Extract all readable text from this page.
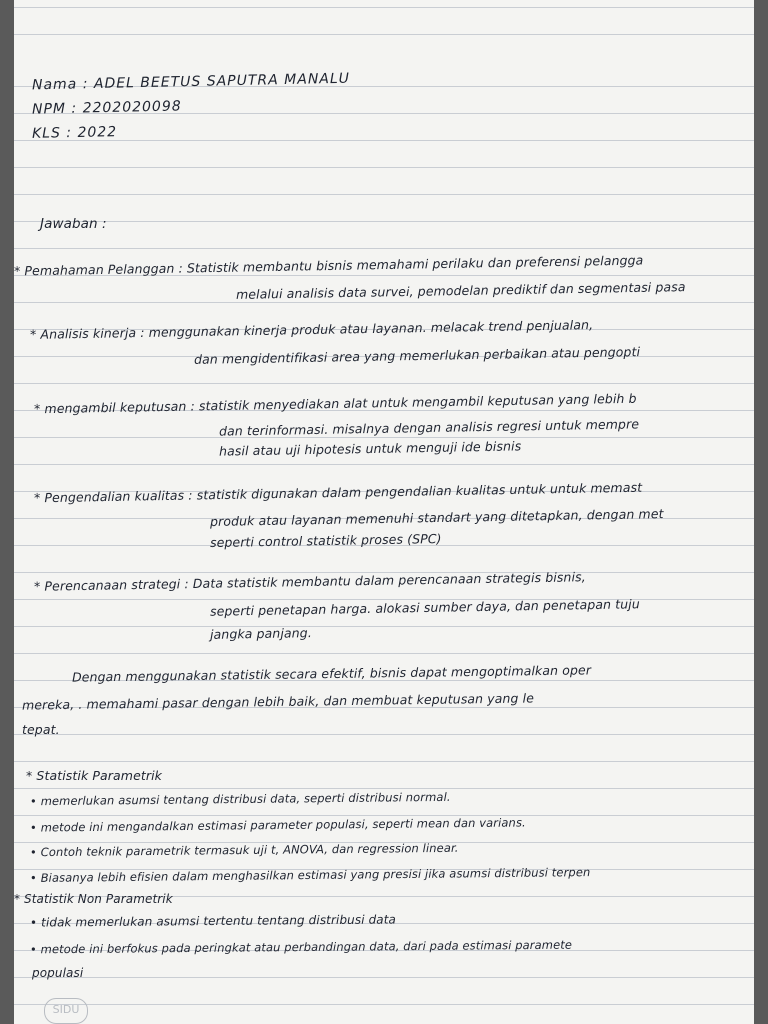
Nama : ADEL BEETUS SAPUTRA MANALU
NPM : 2202020098
KLS : 2022
Jawaban :
* Pemahaman Pelanggan : Statistik membantu bisnis memahami perilaku dan preferensi pelangga
melalui analisis data survei, pemodelan prediktif dan segmentasi pasa
* Analisis kinerja : menggunakan kinerja produk atau layanan. melacak trend penjualan,
dan mengidentifikasi area yang memerlukan perbaikan atau pengopti
* mengambil keputusan : statistik menyediakan alat untuk mengambil keputusan yang lebih b
dan terinformasi. misalnya dengan analisis regresi untuk mempre
hasil atau uji hipotesis untuk menguji ide bisnis
* Pengendalian kualitas : statistik digunakan dalam pengendalian kualitas untuk untuk memast
produk atau layanan memenuhi standart yang ditetapkan, dengan met
seperti control statistik proses (SPC)
* Perencanaan strategi : Data statistik membantu dalam perencanaan strategis bisnis,
seperti penetapan harga. alokasi sumber daya, dan penetapan tuju
jangka panjang.
Dengan menggunakan statistik secara efektif, bisnis dapat mengoptimalkan oper
mereka, . memahami pasar dengan lebih baik, dan membuat keputusan yang le
tepat.
* Statistik Parametrik
• memerlukan asumsi tentang distribusi data, seperti distribusi normal.
• metode ini mengandalkan estimasi parameter populasi, seperti mean dan varians.
• Contoh teknik parametrik termasuk uji t, ANOVA, dan regression linear.
• Biasanya lebih efisien dalam menghasilkan estimasi yang presisi jika asumsi distribusi terpen
* Statistik Non Parametrik
• tidak memerlukan asumsi tertentu tentang distribusi data
• metode ini berfokus pada peringkat atau perbandingan data, dari pada estimasi paramete
populasi
SIDU
